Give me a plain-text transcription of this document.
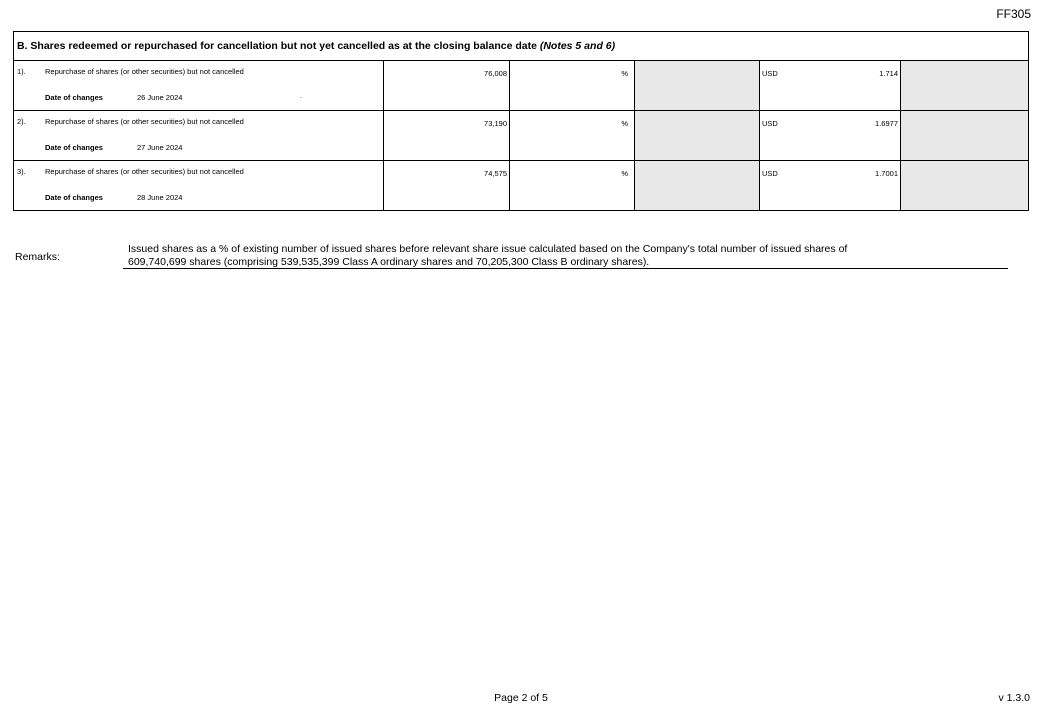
FF305
B. Shares redeemed or repurchased for cancellation but not yet cancelled as at the closing balance date (Notes 5 and 6)					

1). Repurchase of shares (or other securities) but not cancelled
Date of changes 26 June 2024 .	76,008	%		USD 1.714	

2). Repurchase of shares (or other securities) but not cancelled
Date of changes 27 June 2024	73,190	%		USD 1.6977	

3). Repurchase of shares (or other securities) but not cancelled
Date of changes 28 June 2024	74,575	%		USD 1.7001	

Remarks:
Issued shares as a % of existing number of issued shares before relevant share issue calculated based on the Company's total number of issued shares of
609,740,699 shares (comprising 539,535,399 Class A ordinary shares and 70,205,300 Class B ordinary shares).
Page 2 of 5	v 1.3.0
